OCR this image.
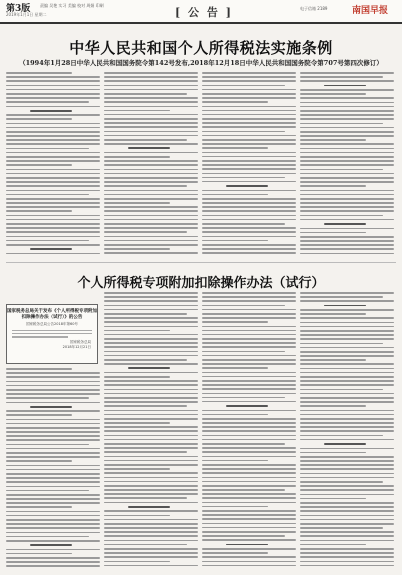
第3版
2019年1月1日 星期二
责编 吴艳 实习 美编 校对 周娟 印刷
[ 公 告 ]	电子信箱 2189	南国早报
中华人民共和国个人所得税法实施条例
（1994年1月28日中华人民共和国国务院令第142号发布,2018年12月18日中华人民共和国国务院令第707号第四次修订）
个人所得税专项附加扣除操作办法（试行）
国家税务总局关于发布《个人所得税专项附加扣除操作办法（试行）》的公告
国家税务总局公告2018年第60号
国家税务总局
2018年12月21日
